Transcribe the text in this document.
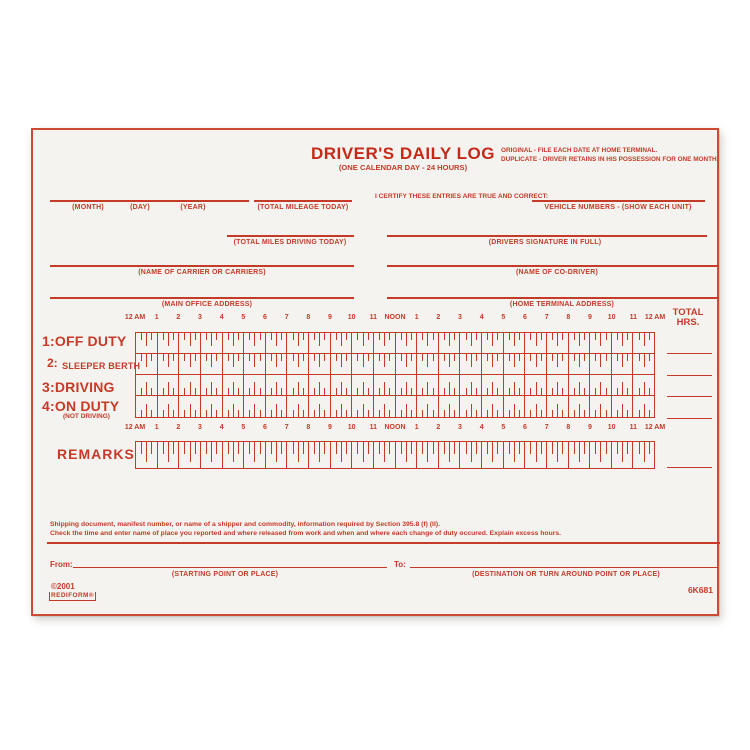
DRIVER'S DAILY LOG
(ONE CALENDAR DAY - 24 HOURS)
ORIGINAL - FILE EACH DATE AT HOME TERMINAL.
DUPLICATE - DRIVER RETAINS IN HIS POSSESSION FOR ONE MONTH.
(MONTH)	(DAY)	(YEAR)	(TOTAL MILEAGE TODAY)
I CERTIFY THESE ENTRIES ARE TRUE AND CORRECT:
VEHICLE NUMBERS - (SHOW EACH UNIT)
(TOTAL MILES DRIVING TODAY)	(DRIVERS SIGNATURE IN FULL)
(NAME OF CARRIER OR CARRIERS)	(NAME OF CO-DRIVER)
(MAIN OFFICE ADDRESS)	(HOME TERMINAL ADDRESS)
12 AM 1	2	3	4	5	6	7	8	9 10 11 NOON 1	2	3	4	5	6	7	8	9 10 11 12 AM
1:OFF DUTY
$^{2:}$ SLEEPER BERTH
3:DRIVING
4:ON DUTY
(NOT DRIVING)
TOTAL
HRS.
12 AM 1	2	3	4	5	6	7	8	9 10 11 NOON 1	2	3	4	5	6	7	8	9 10 11 12 AM
REMARKS
Shipping document, manifest number, or name of a shipper and commodity, information required by Section 395.8 (f) (II).
Check the time and enter name of place you reported and where released from work and when and where each change of duty occured. Explain excess hours.
From:
(STARTING POINT OR PLACE)
To:
(DESTINATION OR TURN AROUND POINT OR PLACE)
©2001
REDIFORM®
6K681
